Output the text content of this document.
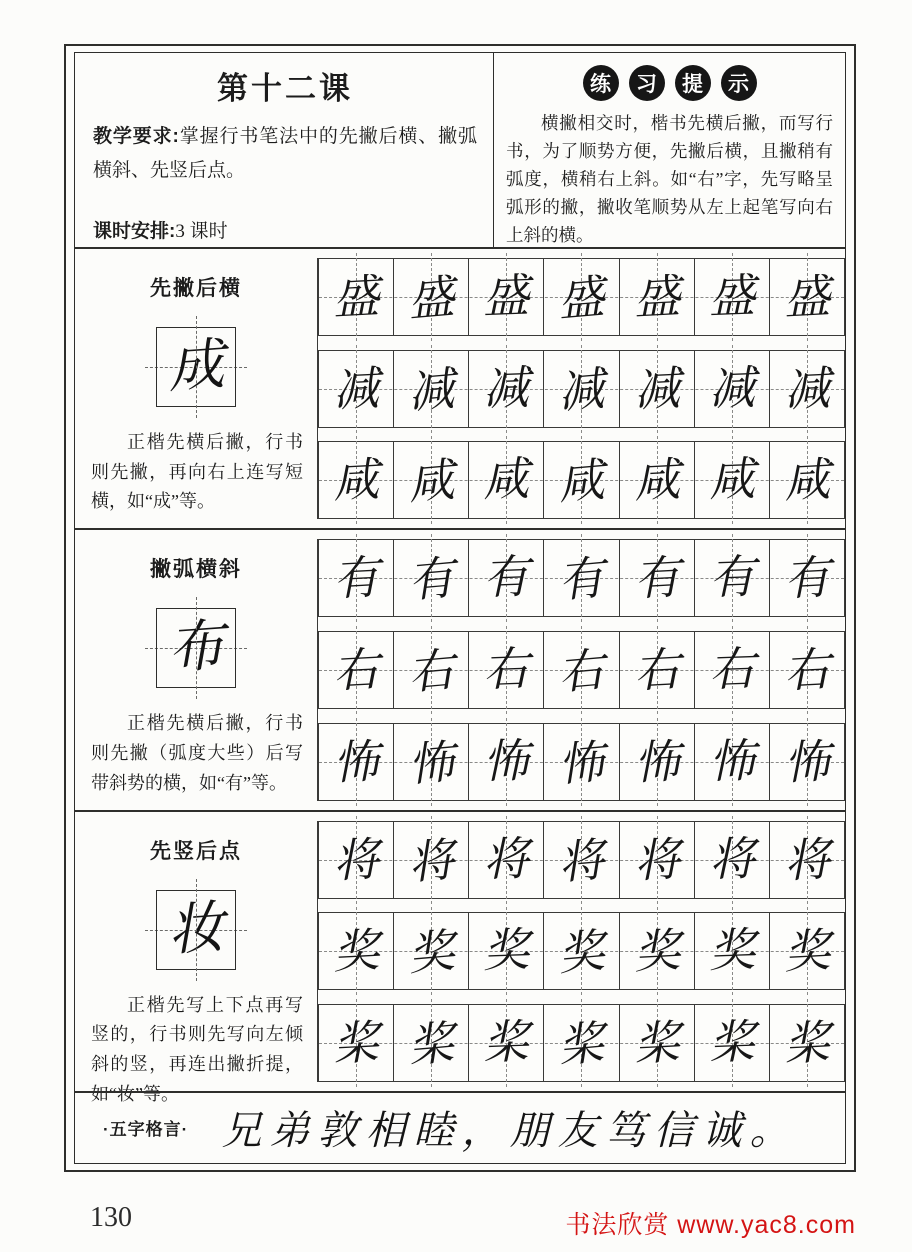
第十二课
教学要求:掌握行书笔法中的先撇后横、撇弧横斜、先竖后点。
课时安排:3 课时
练	习	提	示

横撇相交时，楷书先横后撇，而写行书，为了顺势方便，先撇后横，且撇稍有弧度，横稍右上斜。如“右”字，先写略呈弧形的撇，撇收笔顺势从左上起笔写向右上斜的横。

先撇后横
成

正楷先横后撇，行书则先撇，再向右上连写短横，如“成”等。

盛 盛 盛 盛 盛 盛 盛
减 减 减 减 减 减 减
咸 咸 咸 咸 咸 咸 咸
撇弧横斜
布

正楷先横后撇，行书则先撇（弧度大些）后写带斜势的横，如“有”等。

有 有 有 有 有 有 有
右 右 右 右 右 右 右
怖 怖 怖 怖 怖 怖 怖
先竖后点
妆

正楷先写上下点再写竖的，行书则先写向左倾斜的竖，再连出撇折提，如“妆”等。

将 将 将 将 将 将 将
奖 奖 奖 奖 奖 奖 奖
桨 桨 桨 桨 桨 桨 桨
·五字格言· 兄弟敦相睦，朋友笃信诚。
130	书法欣赏 www.yac8.com
